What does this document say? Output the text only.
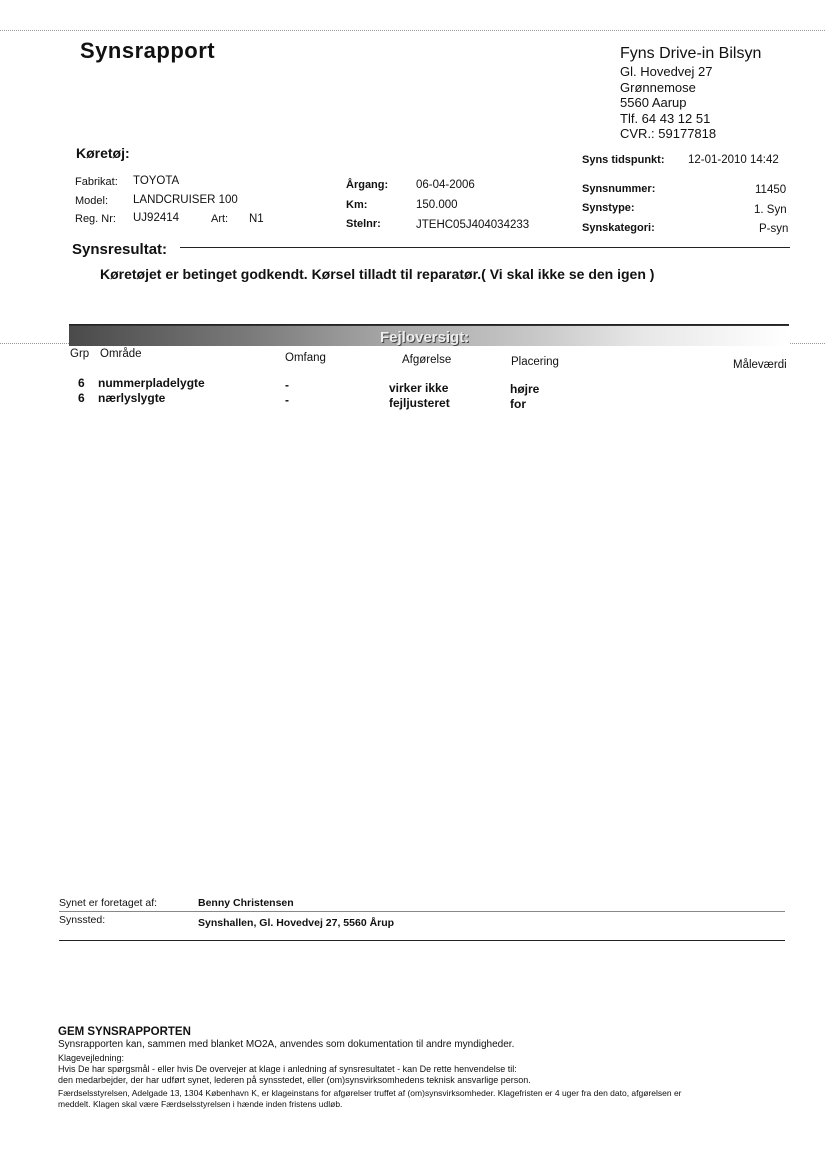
Synsrapport	Fyns Drive-in Bilsyn
Gl. Hovedvej 27
Grønnemose
5560 Aarup
Tlf. 64 43 12 51
CVR.: 59177818
Køretøj:
Fabrikat: TOYOTA
Model: LANDCRUISER 100
Reg. Nr: UJ92414	Art: N1
Årgang: 06-04-2006
Km:	150.000
Stelnr:	JTEHC05J404034233
Syns tidspunkt: 12-01-2010 14:42
Synsnummer:	11450
Synstype:	1. Syn
Synskategori:	P-syn
Synsresultat:
Køretøjet er betinget godkendt. Kørsel tilladt til reparatør.( Vi skal ikke se den igen )
Fejloversigt:
Grp Område	Omfang	Afgørelse	Placering	Måleværdi
6 nummerpladelygte	-	virker ikke	højre
6 nærlyslygte	-	fejljusteret	for
Synet er foretaget af:	Benny Christensen
Synssted:	Synshallen, Gl. Hovedvej 27, 5560 Årup
GEM SYNSRAPPORTEN
Synsrapporten kan, sammen med blanket MO2A, anvendes som dokumentation til andre myndigheder.
Klagevejledning:
Hvis De har spørgsmål - eller hvis De overvejer at klage i anledning af synsresultatet - kan De rette henvendelse til:
den medarbejder, der har udført synet, lederen på synsstedet, eller (om)synsvirksomhedens teknisk ansvarlige person.
Færdselsstyrelsen, Adelgade 13, 1304 København K, er klageinstans for afgørelser truffet af (om)synsvirksomheder. Klagefristen er 4 uger fra den dato, afgørelsen er
meddelt. Klagen skal være Færdselsstyrelsen i hænde inden fristens udløb.
